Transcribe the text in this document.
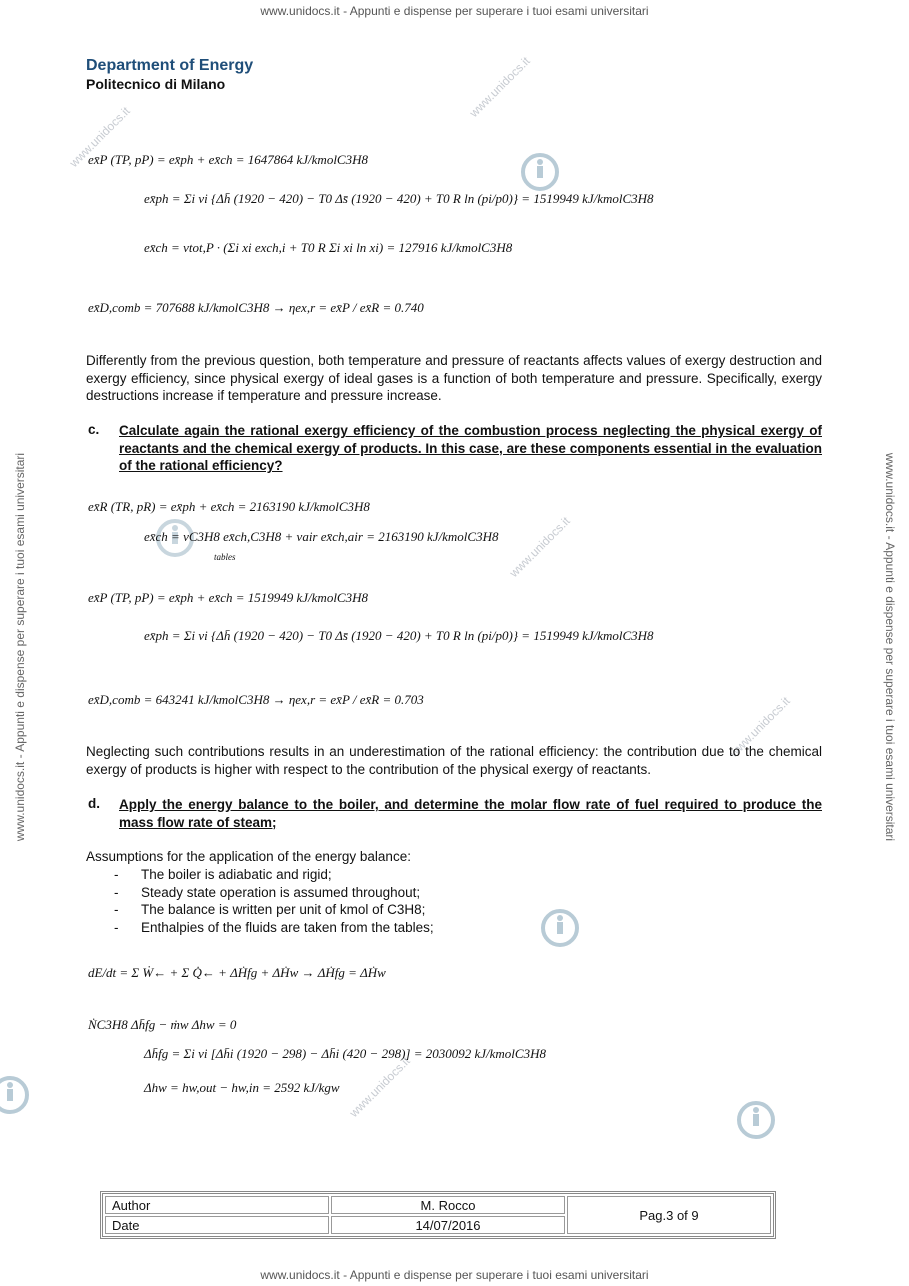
www.unidocs.it - Appunti e dispense per superare i tuoi esami universitari
www.unidocs.it - Appunti e dispense per superare i tuoi esami universitari
www.unidocs.it - Appunti e dispense per superare i tuoi esami universitari	www.unidocs.it - Appunti e dispense per superare i tuoi esami universitari
www.unidocs.it
www.unidocs.it
www.unidocs.it
www.unidocs.it
www.unidocs.it

Department of Energy

Politecnico di Milano

ex̄P (TP, pP) = ex̄ph + ex̄ch = 1647864 kJ/kmolC3H8
ex̄ph = Σi νi {Δh̄ (1920 − 420) − T0 Δs̄ (1920 − 420) + T0 R ln (pi/p0)} = 1519949 kJ/kmolC3H8
ex̄ch = νtot,P · (Σi xi exch,i + T0 R Σi xi ln xi) = 127916 kJ/kmolC3H8
ex̄D,comb = 707688 kJ/kmolC3H8 → ηex,r = ex̄P / ex̄R = 0.740

Differently from the previous question, both temperature and pressure of reactants affects values of exergy destruction and exergy efficiency, since physical exergy of ideal gases is a function of both temperature and pressure. Specifically, exergy destructions increase if temperature and pressure increase.

c. Calculate again the rational exergy efficiency of the combustion process neglecting the physical exergy of reactants and the chemical exergy of products. In this case, are these components essential in the evaluation of the rational efficiency?

ex̄R (TR, pR) = ex̄ph + ex̄ch = 2163190 kJ/kmolC3H8
ex̄ch = νC3H8 ex̄ch,C3H8 + νair ex̄ch,air = 2163190 kJ/kmolC3H8
tables
ex̄P (TP, pP) = ex̄ph + ex̄ch = 1519949 kJ/kmolC3H8
ex̄ph = Σi νi {Δh̄ (1920 − 420) − T0 Δs̄ (1920 − 420) + T0 R ln (pi/p0)} = 1519949 kJ/kmolC3H8
ex̄D,comb = 643241 kJ/kmolC3H8 → ηex,r = ex̄P / ex̄R = 0.703

Neglecting such contributions results in an underestimation of the rational efficiency: the contribution due to the chemical exergy of products is higher with respect to the contribution of the physical exergy of reactants.

d. Apply the energy balance to the boiler, and determine the molar flow rate of fuel required to produce the mass flow rate of steam;

Assumptions for the application of the energy balance:
- The boiler is adiabatic and rigid;
- Steady state operation is assumed throughout;
- The balance is written per unit of kmol of C3H8;
- Enthalpies of the fluids are taken from the tables;
dE/dt = Σ Ẇ← + Σ Q̇← + ΔḢfg + ΔḢw → ΔḢfg = ΔḢw
ṄC3H8 Δh̄fg − ṁw Δhw = 0
Δh̄fg = Σi νi [Δh̄i (1920 − 298) − Δh̄i (420 − 298)] = 2030092 kJ/kmolC3H8
Δhw = hw,out − hw,in = 2592 kJ/kgw
Author	M. Rocco	Pag.3 of 9
Date	14/07/2016	
